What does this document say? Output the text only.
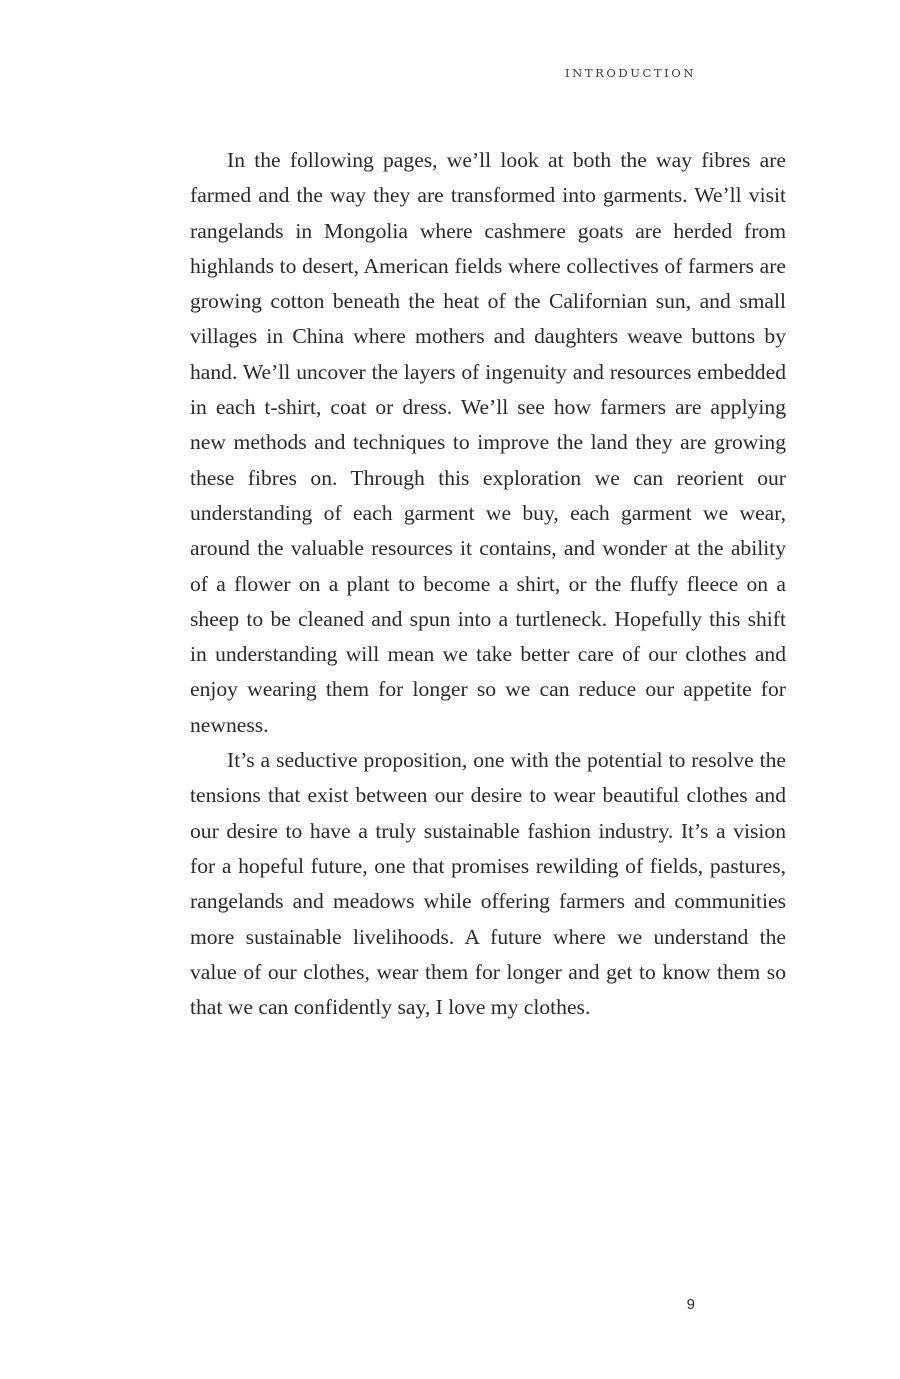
INTRODUCTION

In the following pages, we’ll look at both the way fibres are farmed and the way they are transformed into garments. We’ll visit rangelands in Mongolia where cashmere goats are herded from highlands to desert, American fields where collectives of farmers are growing cotton beneath the heat of the Californian sun, and small villages in China where mothers and daughters weave buttons by hand. We’ll uncover the layers of ingenuity and resources embedded in each t-shirt, coat or dress. We’ll see how farmers are applying new methods and techniques to improve the land they are growing these fibres on. Through this exploration we can reorient our understanding of each garment we buy, each garment we wear, around the valuable resources it contains, and wonder at the ability of a flower on a plant to become a shirt, or the fluffy fleece on a sheep to be cleaned and spun into a turtleneck. Hopefully this shift in understanding will mean we take better care of our clothes and enjoy wearing them for longer so we can reduce our appetite for newness.

It’s a seductive proposition, one with the potential to resolve the tensions that exist between our desire to wear beautiful clothes and our desire to have a truly sustainable fashion industry. It’s a vision for a hopeful future, one that promises rewilding of fields, pastures, rangelands and meadows while offering farmers and communities more sustainable livelihoods. A future where we understand the value of our clothes, wear them for longer and get to know them so that we can confidently say, I love my clothes.

9
